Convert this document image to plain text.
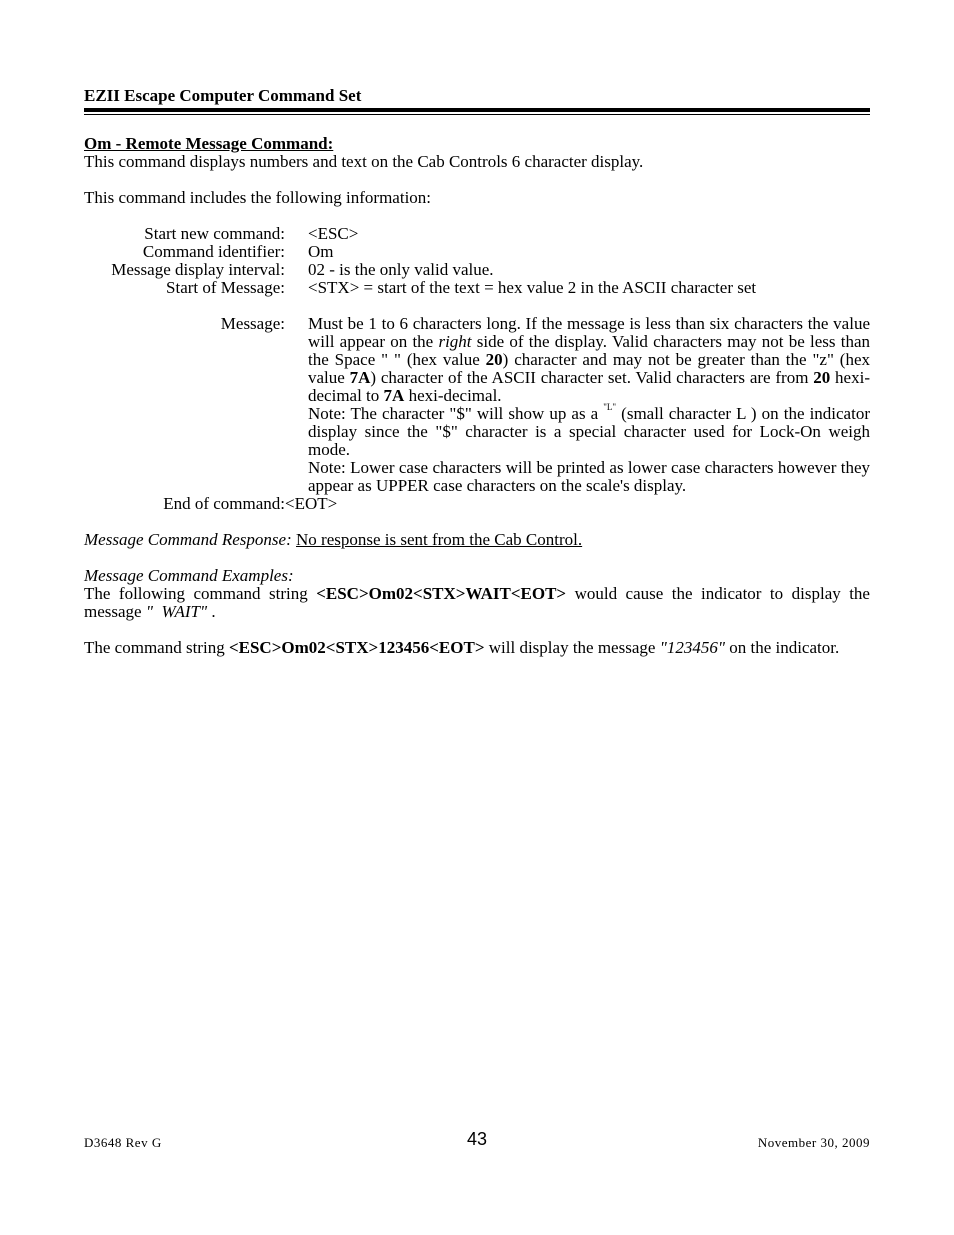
EZII Escape Computer Command Set
Om - Remote Message Command:

This command displays numbers and text on the Cab Controls 6 character display.

This command includes the following information:

Start new command: <ESC>
Command identifier: Om
Message display interval: 02 - is the only valid value.
Start of Message: <STX> = start of the text = hex value 2 in the ASCII character set
Message: Must be 1 to 6 characters long. If the message is less than six characters the value will appear on the right side of the display. Valid characters may not be less than the Space " " (hex value 20) character and may not be greater than the "z" (hex value 7A) character of the ASCII character set. Valid characters are from 20 hexi-decimal to 7A hexi-decimal.
Note: The character "$" will show up as a $^{"L"}$ (small character L ) on the indicator display since the "$" character is a special character used for Lock-On weigh mode.
Note: Lower case characters will be printed as lower case characters however they appear as UPPER case characters on the scale's display.
End of command: <EOT>

Message Command Response: No response is sent from the Cab Control.

Message Command Examples:

The following command string <ESC>Om02<STX>WAIT<EOT> would cause the indicator to display the message "  WAIT" .

The command string <ESC>Om02<STX>123456<EOT> will display the message "123456" on the indicator.

D3648 Rev G	43	November 30, 2009
